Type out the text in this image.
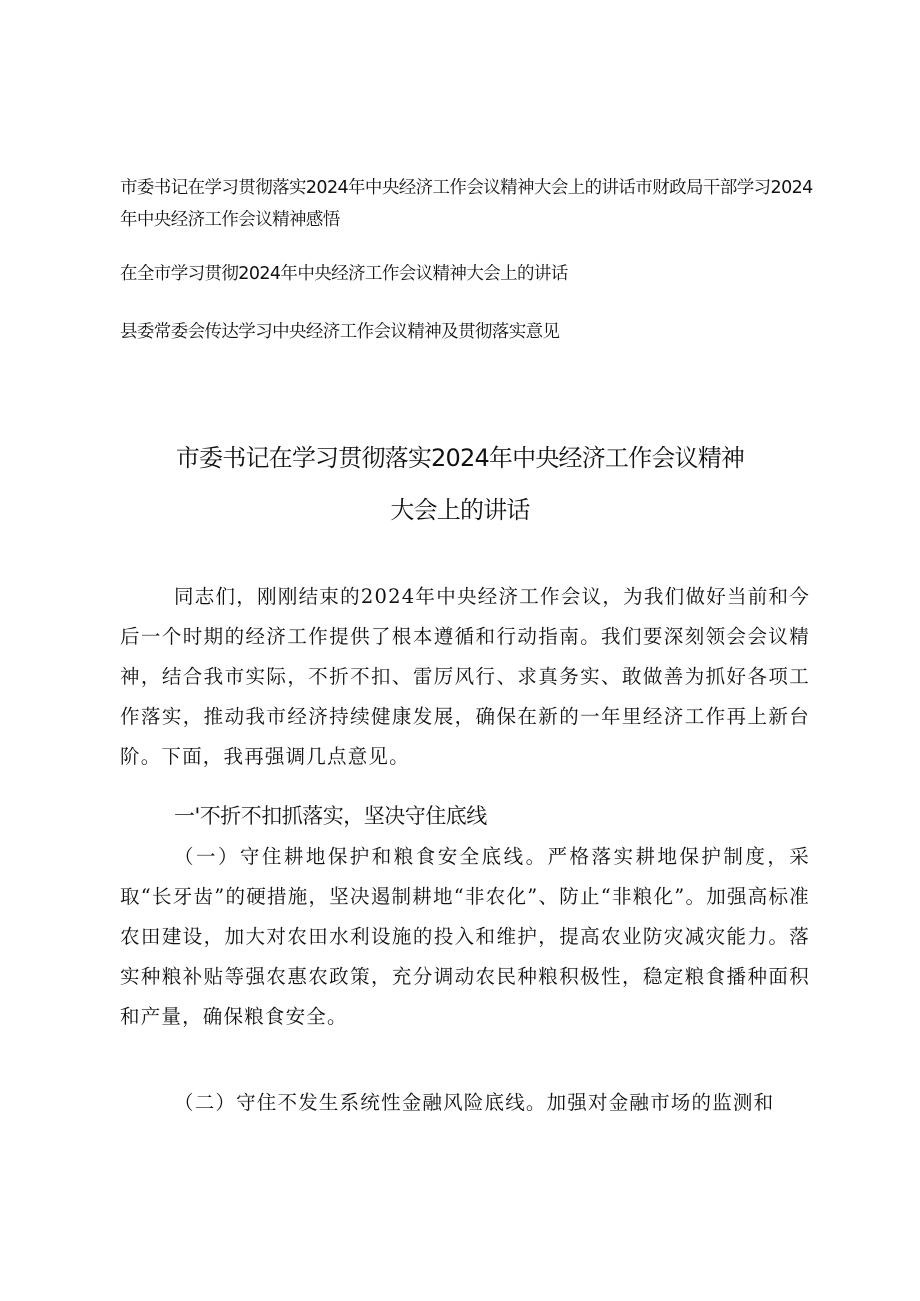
市委书记在学习贯彻落实2024年中央经济工作会议精神大会上的讲话市财政局干部学习2024年中央经济工作会议精神感悟

在全市学习贯彻2024年中央经济工作会议精神大会上的讲话

县委常委会传达学习中央经济工作会议精神及贯彻落实意见

市委书记在学习贯彻落实2024年中央经济工作会议精神
大会上的讲话

同志们，刚刚结束的2024年中央经济工作会议，为我们做好当前和今后一个时期的经济工作提供了根本遵循和行动指南。我们要深刻领会会议精神，结合我市实际，不折不扣、雷厉风行、求真务实、敢做善为抓好各项工作落实，推动我市经济持续健康发展，确保在新的一年里经济工作再上新台阶。下面，我再强调几点意见。

一'不折不扣抓落实，坚决守住底线

（一）守住耕地保护和粮食安全底线。严格落实耕地保护制度，采取“长牙齿”的硬措施，坚决遏制耕地“非农化”、防止“非粮化”。加强高标准农田建设，加大对农田水利设施的投入和维护，提高农业防灾减灾能力。落实种粮补贴等强农惠农政策，充分调动农民种粮积极性，稳定粮食播种面积和产量，确保粮食安全。

（二）守住不发生系统性金融风险底线。加强对金融市场的监测和
